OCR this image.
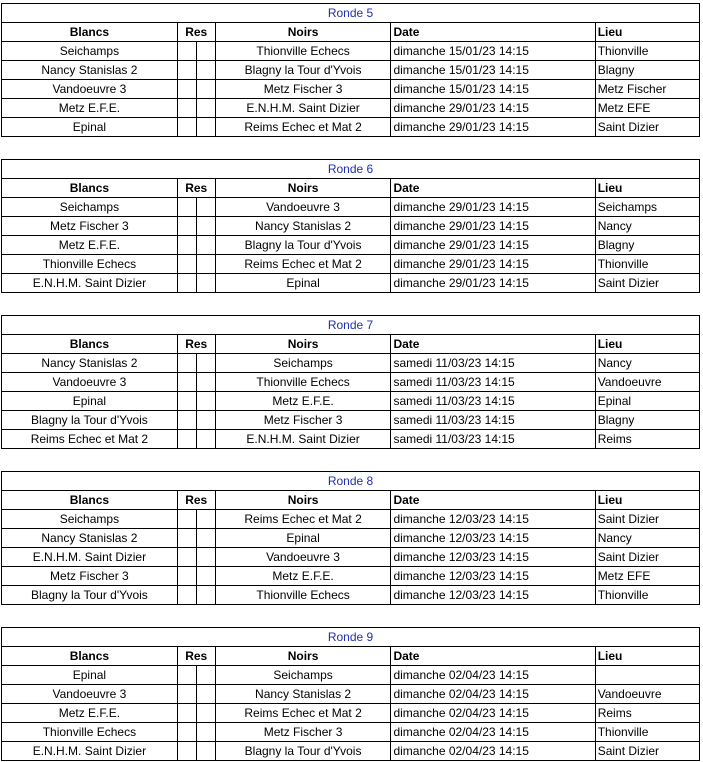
Ronde 5					
Blancs	Res		Noirs	Date	Lieu
Seichamps			Thionville Echecs	dimanche 15/01/23 14:15	Thionville
Nancy Stanislas 2			Blagny la Tour d'Yvois	dimanche 15/01/23 14:15	Blagny
Vandoeuvre 3			Metz Fischer 3	dimanche 15/01/23 14:15	Metz Fischer
Metz E.F.E.			E.N.H.M. Saint Dizier	dimanche 29/01/23 14:15	Metz EFE
Epinal			Reims Echec et Mat 2	dimanche 29/01/23 14:15	Saint Dizier
Ronde 6					
Blancs	Res		Noirs	Date	Lieu
Seichamps			Vandoeuvre 3	dimanche 29/01/23 14:15	Seichamps
Metz Fischer 3			Nancy Stanislas 2	dimanche 29/01/23 14:15	Nancy
Metz E.F.E.			Blagny la Tour d'Yvois	dimanche 29/01/23 14:15	Blagny
Thionville Echecs			Reims Echec et Mat 2	dimanche 29/01/23 14:15	Thionville
E.N.H.M. Saint Dizier			Epinal	dimanche 29/01/23 14:15	Saint Dizier
Ronde 7					
Blancs	Res		Noirs	Date	Lieu
Nancy Stanislas 2			Seichamps	samedi 11/03/23 14:15	Nancy
Vandoeuvre 3			Thionville Echecs	samedi 11/03/23 14:15	Vandoeuvre
Epinal			Metz E.F.E.	samedi 11/03/23 14:15	Epinal
Blagny la Tour d'Yvois			Metz Fischer 3	samedi 11/03/23 14:15	Blagny
Reims Echec et Mat 2			E.N.H.M. Saint Dizier	samedi 11/03/23 14:15	Reims
Ronde 8					
Blancs	Res		Noirs	Date	Lieu
Seichamps			Reims Echec et Mat 2	dimanche 12/03/23 14:15	Saint Dizier
Nancy Stanislas 2			Epinal	dimanche 12/03/23 14:15	Nancy
E.N.H.M. Saint Dizier			Vandoeuvre 3	dimanche 12/03/23 14:15	Saint Dizier
Metz Fischer 3			Metz E.F.E.	dimanche 12/03/23 14:15	Metz EFE
Blagny la Tour d'Yvois			Thionville Echecs	dimanche 12/03/23 14:15	Thionville
Ronde 9					
Blancs	Res		Noirs	Date	Lieu
Epinal			Seichamps	dimanche 02/04/23 14:15	
Vandoeuvre 3			Nancy Stanislas 2	dimanche 02/04/23 14:15	Vandoeuvre
Metz E.F.E.			Reims Echec et Mat 2	dimanche 02/04/23 14:15	Reims
Thionville Echecs			Metz Fischer 3	dimanche 02/04/23 14:15	Thionville
E.N.H.M. Saint Dizier			Blagny la Tour d'Yvois	dimanche 02/04/23 14:15	Saint Dizier
